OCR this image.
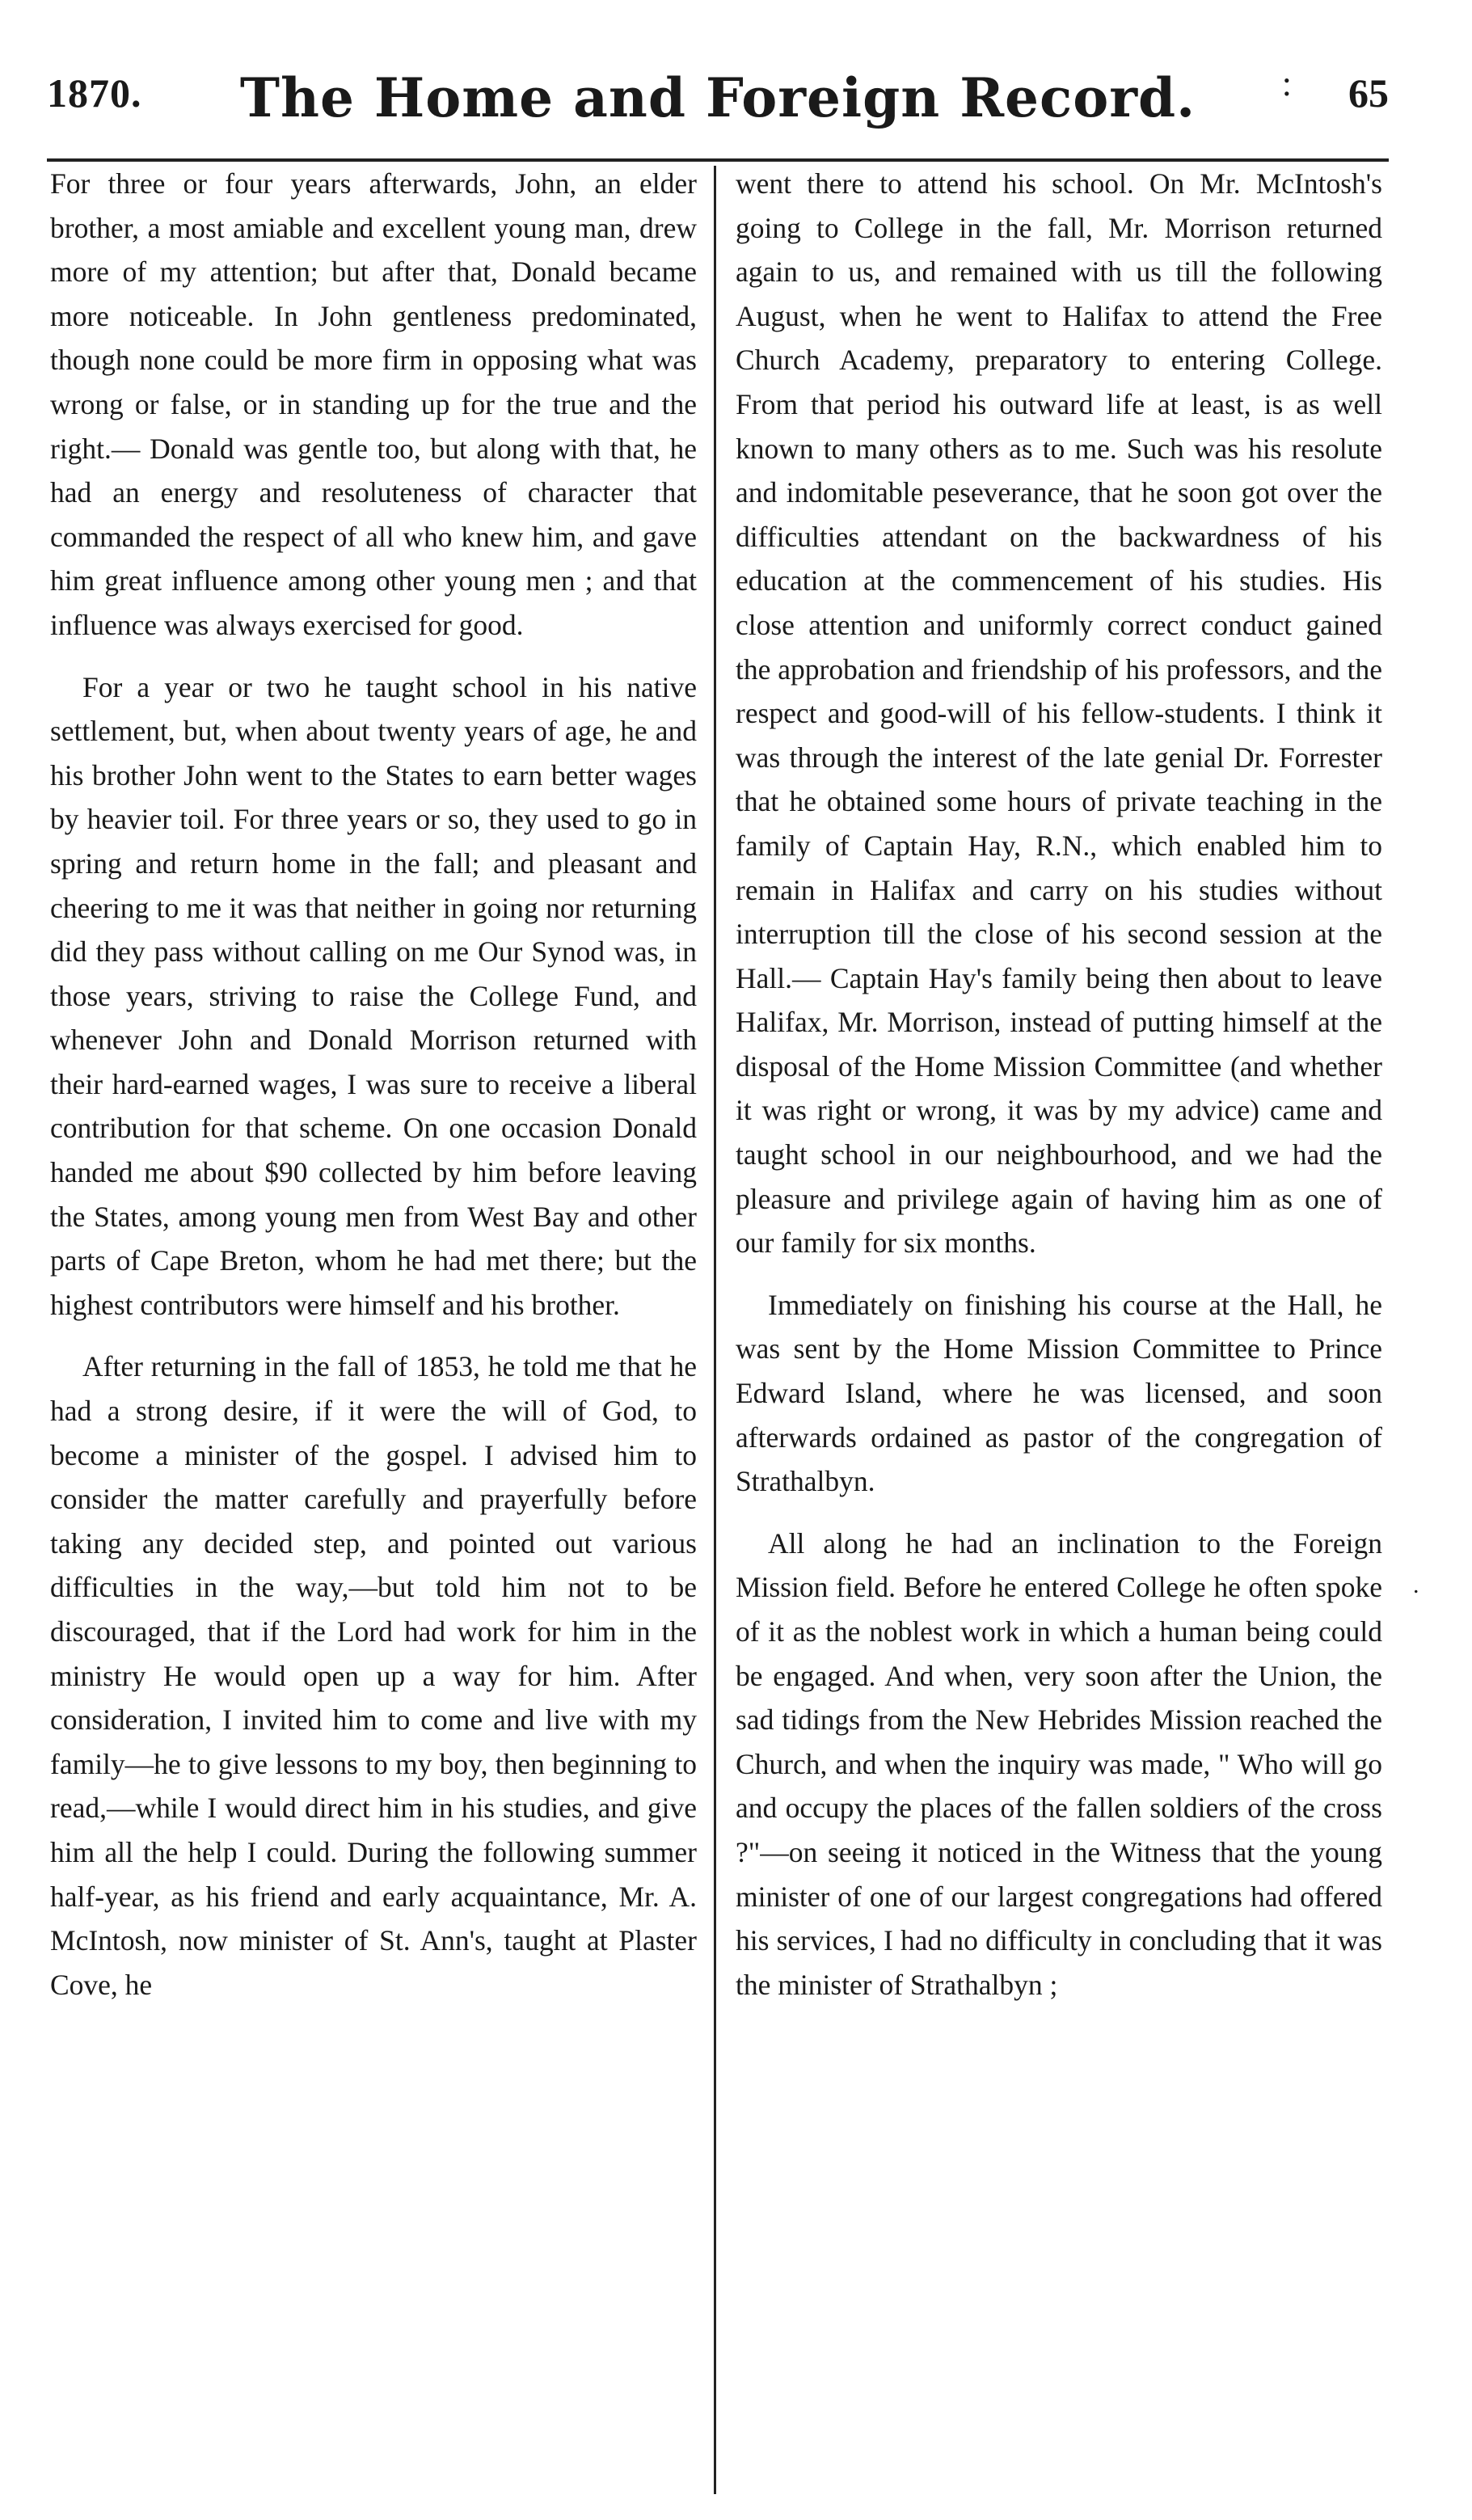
1870.	The Home and Foreign Record.	: 65

For three or four years afterwards, John, an elder brother, a most amiable and excellent young man, drew more of my attention; but after that, Donald became more noticeable. In John gentleness predominated, though none could be more firm in opposing what was wrong or false, or in standing up for the true and the right.— Donald was gentle too, but along with that, he had an energy and resoluteness of character that commanded the respect of all who knew him, and gave him great influence among other young men ; and that influence was always exercised for good.

For a year or two he taught school in his native settlement, but, when about twenty years of age, he and his brother John went to the States to earn better wages by heavier toil. For three years or so, they used to go in spring and return home in the fall; and pleasant and cheering to me it was that neither in going nor returning did they pass without calling on me Our Synod was, in those years, striving to raise the College Fund, and whenever John and Donald Morrison returned with their hard-earned wages, I was sure to receive a liberal contribution for that scheme. On one occasion Donald handed me about $90 collected by him before leaving the States, among young men from West Bay and other parts of Cape Breton, whom he had met there; but the highest contributors were himself and his brother.

After returning in the fall of 1853, he told me that he had a strong desire, if it were the will of God, to become a minister of the gospel. I advised him to consider the matter carefully and prayerfully before taking any decided step, and pointed out various difficulties in the way,—but told him not to be discouraged, that if the Lord had work for him in the ministry He would open up a way for him. After consideration, I invited him to come and live with my family—he to give lessons to my boy, then beginning to read,—while I would direct him in his studies, and give him all the help I could. During the following summer half-year, as his friend and early acquaintance, Mr. A. McIntosh, now minister of St. Ann's, taught at Plaster Cove, he

went there to attend his school. On Mr. McIntosh's going to College in the fall, Mr. Morrison returned again to us, and remained with us till the following August, when he went to Halifax to attend the Free Church Academy, preparatory to entering College. From that period his outward life at least, is as well known to many others as to me. Such was his resolute and indomitable peseverance, that he soon got over the difficulties attendant on the backwardness of his education at the commencement of his studies. His close attention and uniformly correct conduct gained the approbation and friendship of his professors, and the respect and good-will of his fellow-students. I think it was through the interest of the late genial Dr. Forrester that he obtained some hours of private teaching in the family of Captain Hay, R.N., which enabled him to remain in Halifax and carry on his studies without interruption till the close of his second session at the Hall.— Captain Hay's family being then about to leave Halifax, Mr. Morrison, instead of putting himself at the disposal of the Home Mission Committee (and whether it was right or wrong, it was by my advice) came and taught school in our neighbourhood, and we had the pleasure and privilege again of having him as one of our family for six months.

Immediately on finishing his course at the Hall, he was sent by the Home Mission Committee to Prince Edward Island, where he was licensed, and soon afterwards ordained as pastor of the congregation of Strathalbyn.

All along he had an inclination to the Foreign Mission field. Before he entered College he often spoke of it as the noblest work in which a human being could be engaged. And when, very soon after the Union, the sad tidings from the New Hebrides Mission reached the Church, and when the inquiry was made, " Who will go and occupy the places of the fallen soldiers of the cross ?"—on seeing it noticed in the Witness that the young minister of one of our largest congregations had offered his services, I had no difficulty in concluding that it was the minister of Strathalbyn ;

.
